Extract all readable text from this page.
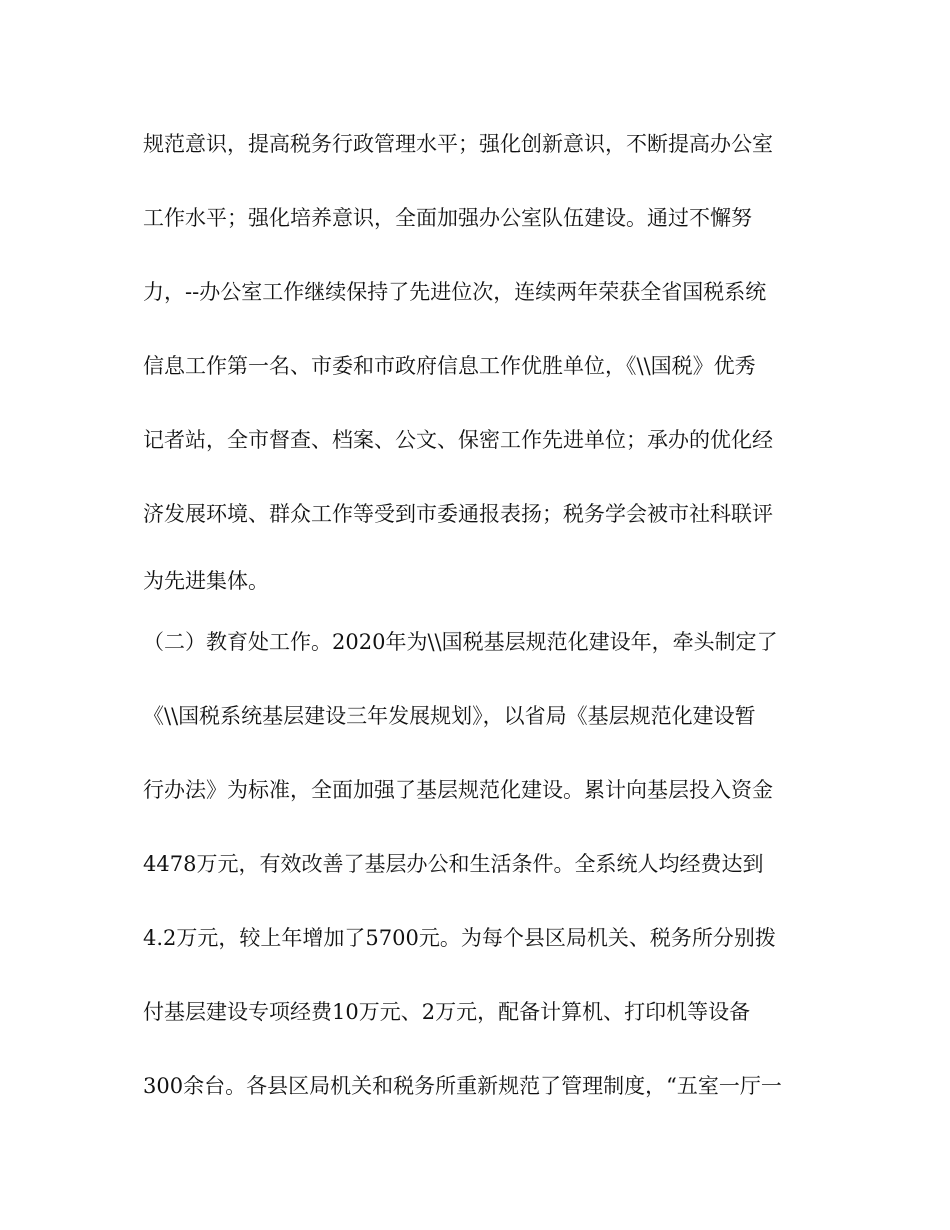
规范意识，提高税务行政管理水平；强化创新意识，不断提高办公室
工作水平；强化培养意识，全面加强办公室队伍建设。通过不懈努
力，--办公室工作继续保持了先进位次，连续两年荣获全省国税系统
信息工作第一名、市委和市政府信息工作优胜单位，《\\国税》优秀
记者站，全市督查、档案、公文、保密工作先进单位；承办的优化经
济发展环境、群众工作等受到市委通报表扬；税务学会被市社科联评
为先进集体。
（二）教育处工作。2020年为\\国税基层规范化建设年，牵头制定了
《\\国税系统基层建设三年发展规划》，以省局《基层规范化建设暂
行办法》为标准，全面加强了基层规范化建设。累计向基层投入资金
4478万元，有效改善了基层办公和生活条件。全系统人均经费达到
4.2万元，较上年增加了5700元。为每个县区局机关、税务所分别拨
付基层建设专项经费10万元、2万元，配备计算机、打印机等设备
300余台。各县区局机关和税务所重新规范了管理制度，“五室一厅一
